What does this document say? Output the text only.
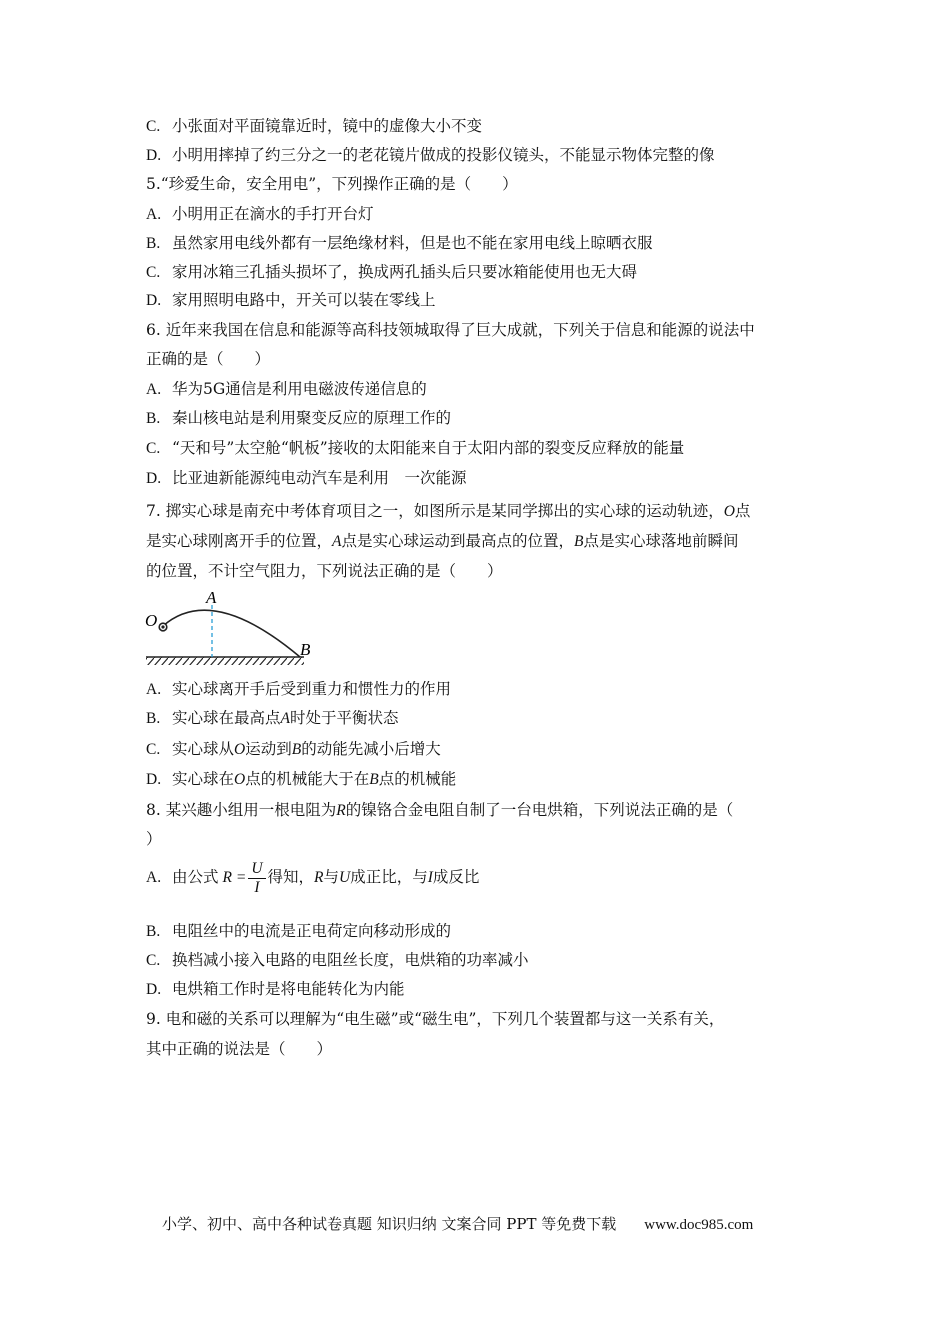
C. 小张面对平面镜靠近时，镜中的虚像大小不变
D. 小明用摔掉了约三分之一的老花镜片做成的投影仪镜头，不能显示物体完整的像
5.“珍爱生命，安全用电”，下列操作正确的是（　　）
A. 小明用正在滴水的手打开台灯
B. 虽然家用电线外都有一层绝缘材料，但是也不能在家用电线上晾晒衣服
C. 家用冰箱三孔插头损坏了，换成两孔插头后只要冰箱能使用也无大碍
D. 家用照明电路中，开关可以装在零线上
6. 近年来我国在信息和能源等高科技领城取得了巨大成就，下列关于信息和能源的说法中
正确的是（　　）
A. 华为5G通信是利用电磁波传递信息的
B. 秦山核电站是利用聚变反应的原理工作的
C. “天和号”太空舱“帆板”接收的太阳能来自于太阳内部的裂变反应释放的能量
D. 比亚迪新能源纯电动汽车是利用　一次能源
7. 掷实心球是南充中考体育项目之一，如图所示是某同学掷出的实心球的运动轨迹，O点
是实心球刚离开手的位置，A点是实心球运动到最高点的位置，B点是实心球落地前瞬间
的位置，不计空气阻力，下列说法正确的是（　　）
O
A
B
A. 实心球离开手后受到重力和惯性力的作用
B. 实心球在最高点A时处于平衡状态
C. 实心球从O运动到B的动能先减小后增大
D. 实心球在O点的机械能大于在B点的机械能
8. 某兴趣小组用一根电阻为R的镍铬合金电阻自制了一台电烘箱，下列说法正确的是（
）
A. 由公式 $R = \frac{U}{I}$ 得知，R与U成正比，与I成反比
B. 电阻丝中的电流是正电荷定向移动形成的
C. 换档减小接入电路的电阻丝长度，电烘箱的功率减小
D. 电烘箱工作时是将电能转化为内能
9. 电和磁的关系可以理解为“电生磁”或“磁生电”，下列几个装置都与这一关系有关，
其中正确的说法是（　　）
小学、初中、高中各种试卷真题 知识归纳 文案合同 PPT 等免费下载 www.doc985.com
